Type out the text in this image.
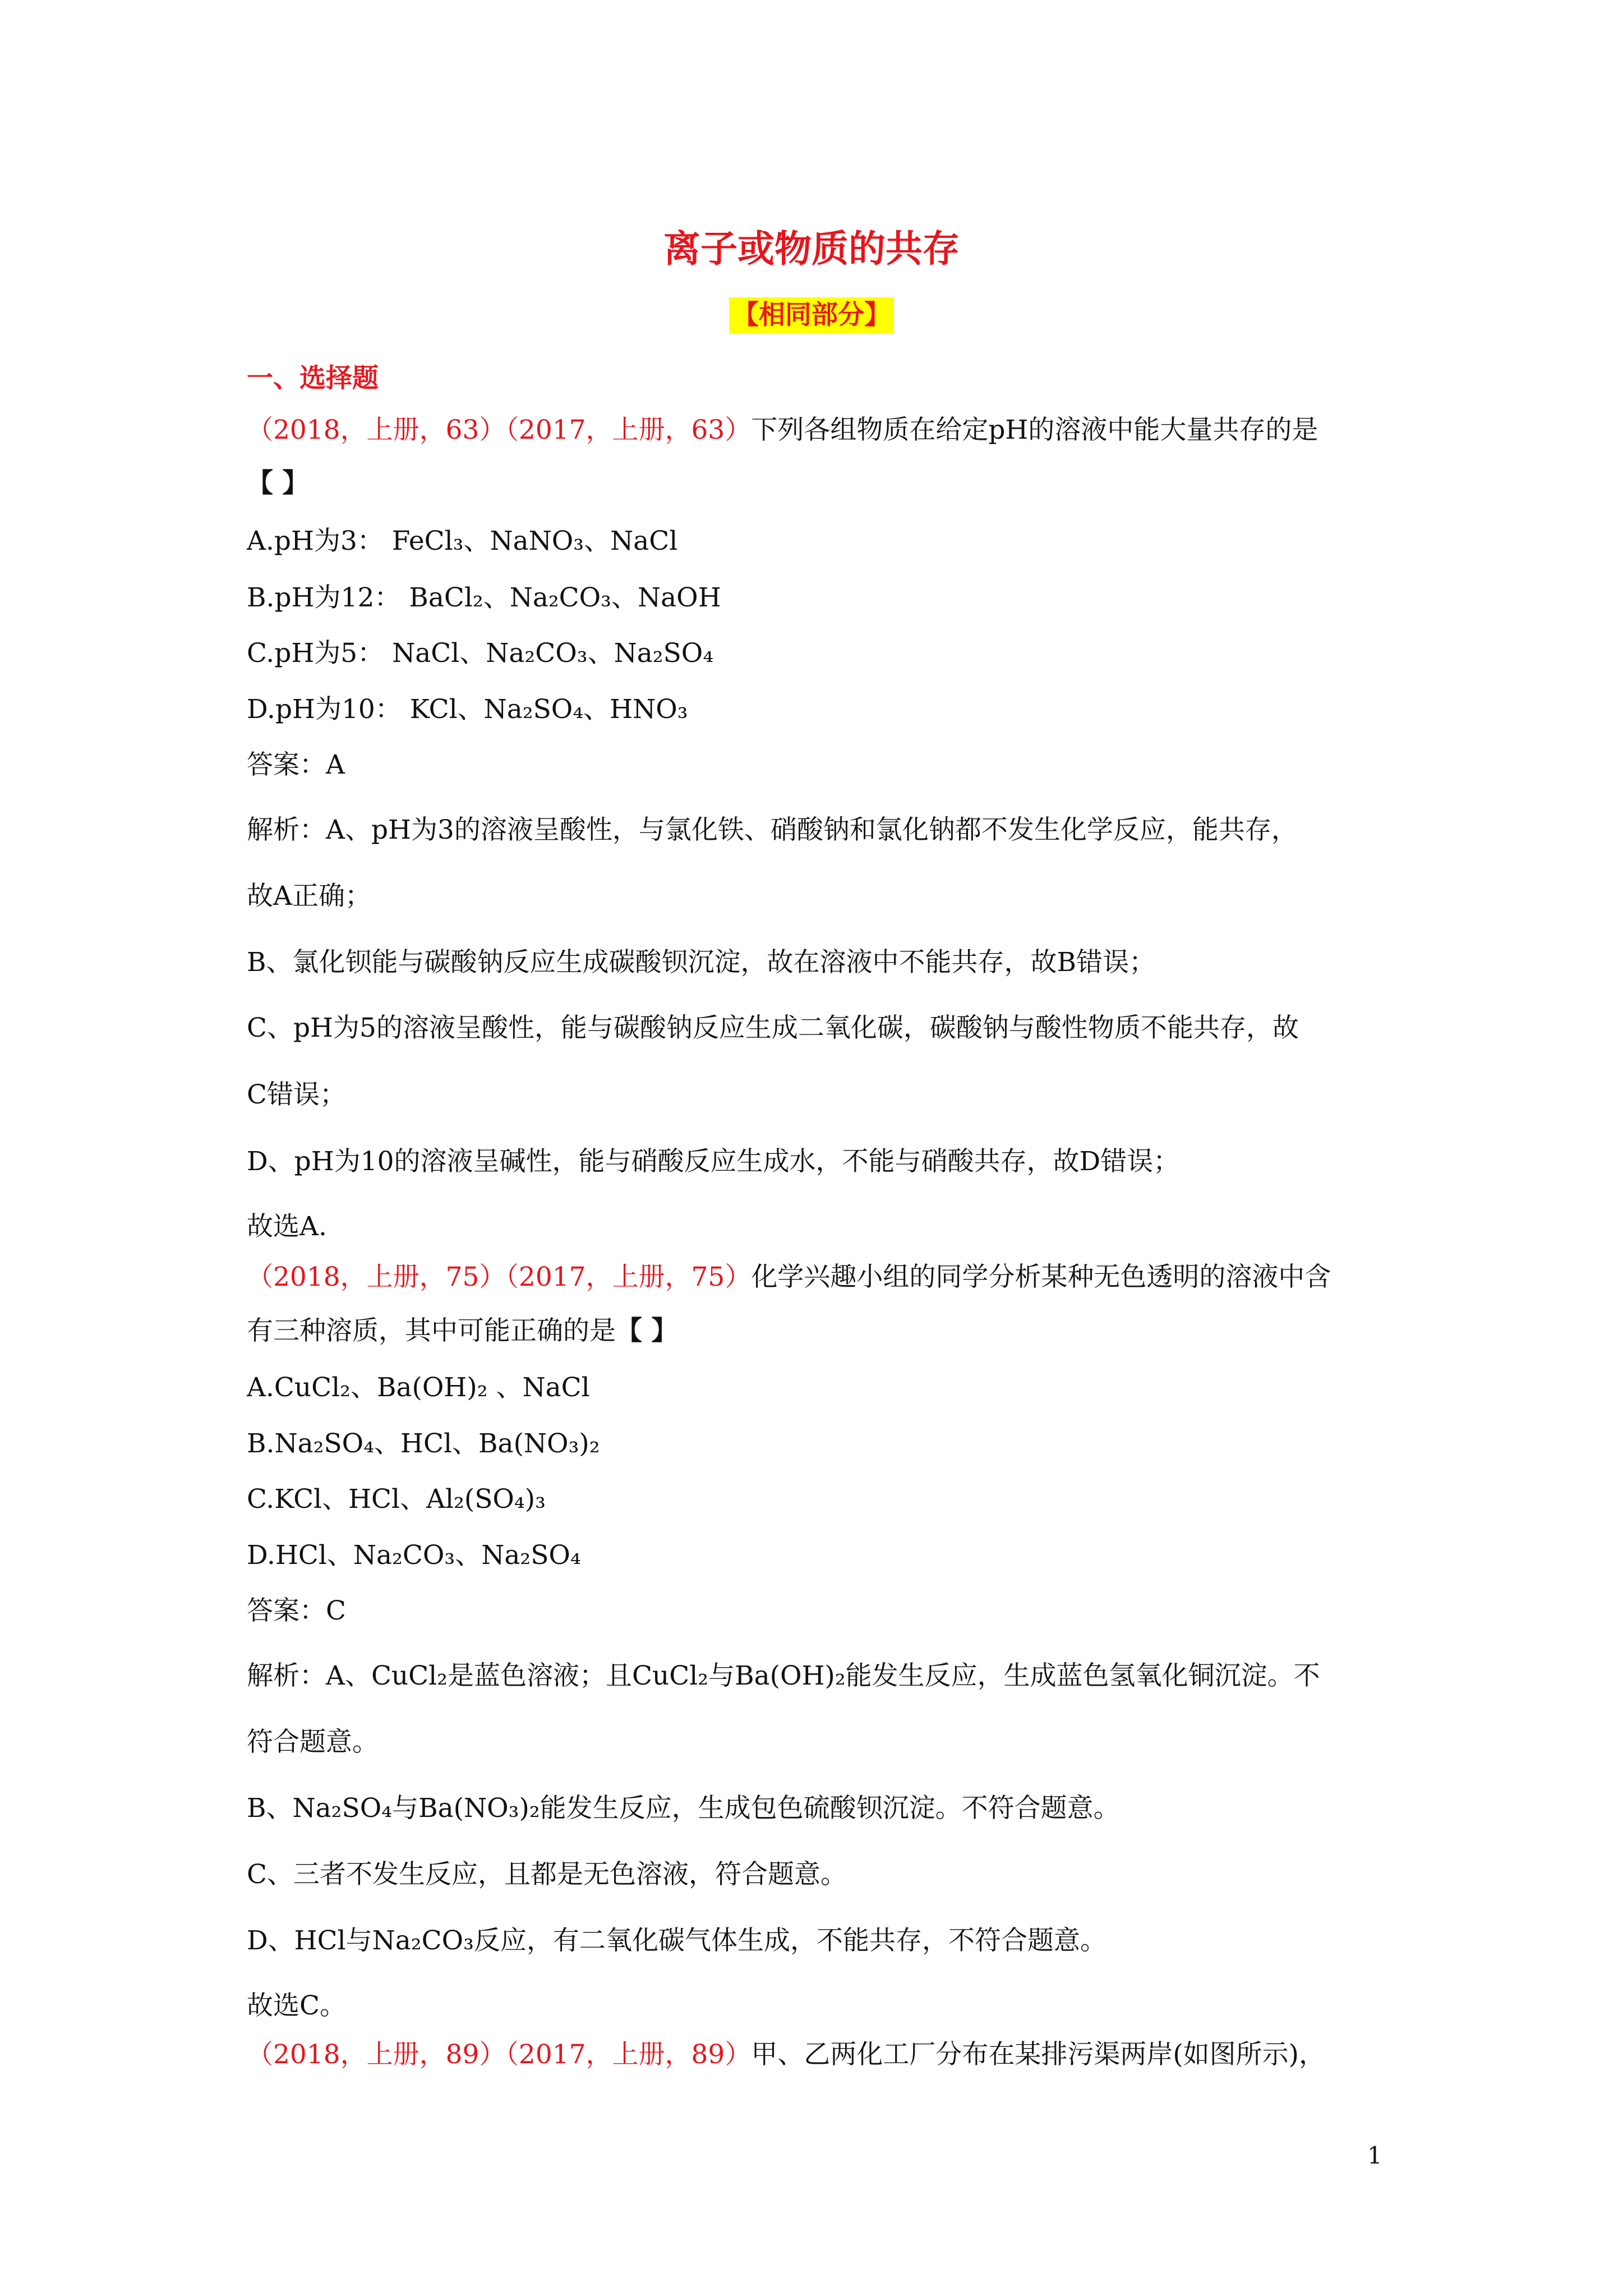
离子或物质的共存
【相同部分】
一、选择题
（2018，上册，63）（2017，上册，63）下列各组物质在给定pH的溶液中能大量共存的是
【 】
A.pH为3： FeCl₃、NaNO₃、NaCl
B.pH为12： BaCl₂、Na₂CO₃、NaOH
C.pH为5： NaCl、Na₂CO₃、Na₂SO₄
D.pH为10： KCl、Na₂SO₄、HNO₃
答案：A
解析：A、pH为3的溶液呈酸性，与氯化铁、硝酸钠和氯化钠都不发生化学反应，能共存，
故A正确；
B、氯化钡能与碳酸钠反应生成碳酸钡沉淀，故在溶液中不能共存，故B错误；
C、pH为5的溶液呈酸性，能与碳酸钠反应生成二氧化碳，碳酸钠与酸性物质不能共存，故
C错误；
D、pH为10的溶液呈碱性，能与硝酸反应生成水，不能与硝酸共存，故D错误；
故选A.
（2018，上册，75）（2017，上册，75）化学兴趣小组的同学分析某种无色透明的溶液中含
有三种溶质，其中可能正确的是【 】
A.CuCl₂、Ba(OH)₂ 、NaCl
B.Na₂SO₄、HCl、Ba(NO₃)₂
C.KCl、HCl、Al₂(SO₄)₃
D.HCl、Na₂CO₃、Na₂SO₄
答案：C
解析：A、CuCl₂是蓝色溶液；且CuCl₂与Ba(OH)₂能发生反应，生成蓝色氢氧化铜沉淀。不
符合题意。
B、Na₂SO₄与Ba(NO₃)₂能发生反应，生成包色硫酸钡沉淀。不符合题意。
C、三者不发生反应，且都是无色溶液，符合题意。
D、HCl与Na₂CO₃反应，有二氧化碳气体生成，不能共存，不符合题意。
故选C。
（2018，上册，89）（2017，上册，89）甲、乙两化工厂分布在某排污渠两岸(如图所示)，
1
